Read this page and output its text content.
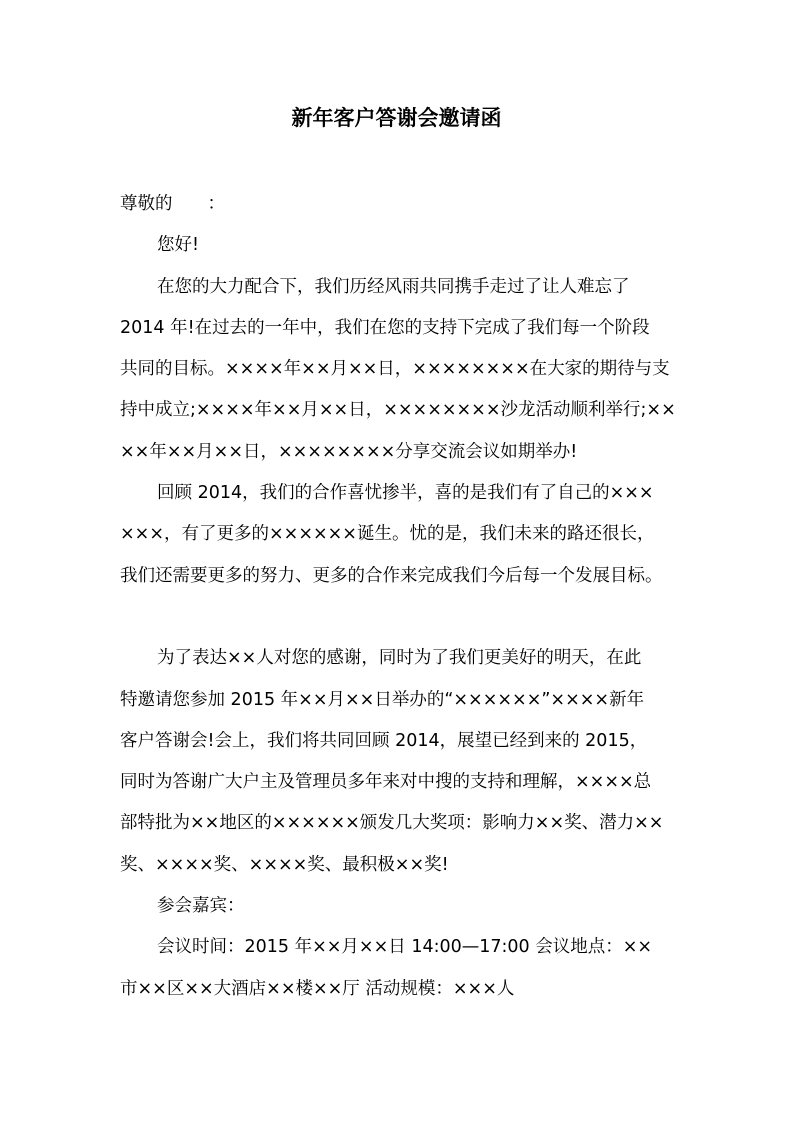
新年客户答谢会邀请函
尊敬的　　：
您好!
在您的大力配合下，我们历经风雨共同携手走过了让人难忘了
2014 年!在过去的一年中，我们在您的支持下完成了我们每一个阶段
共同的目标。××××年××月××日，××××××××在大家的期待与支
持中成立;××××年××月××日，××××××××沙龙活动顺利举行;××
××年××月××日，××××××××分享交流会议如期举办!
回顾 2014，我们的合作喜忧掺半，喜的是我们有了自己的×××
×××，有了更多的××××××诞生。忧的是，我们未来的路还很长，
我们还需要更多的努力、更多的合作来完成我们今后每一个发展目标。
为了表达××人对您的感谢，同时为了我们更美好的明天，在此
特邀请您参加 2015 年××月××日举办的“××××××”××××新年
客户答谢会!会上，我们将共同回顾 2014，展望已经到来的 2015，
同时为答谢广大户主及管理员多年来对中搜的支持和理解，××××总
部特批为××地区的××××××颁发几大奖项：影响力××奖、潜力××
奖、××××奖、××××奖、最积极××奖!
参会嘉宾：
会议时间：2015 年××月××日 14:00—17:00 会议地点：××
市××区××大酒店××楼××厅 活动规模：×××人
